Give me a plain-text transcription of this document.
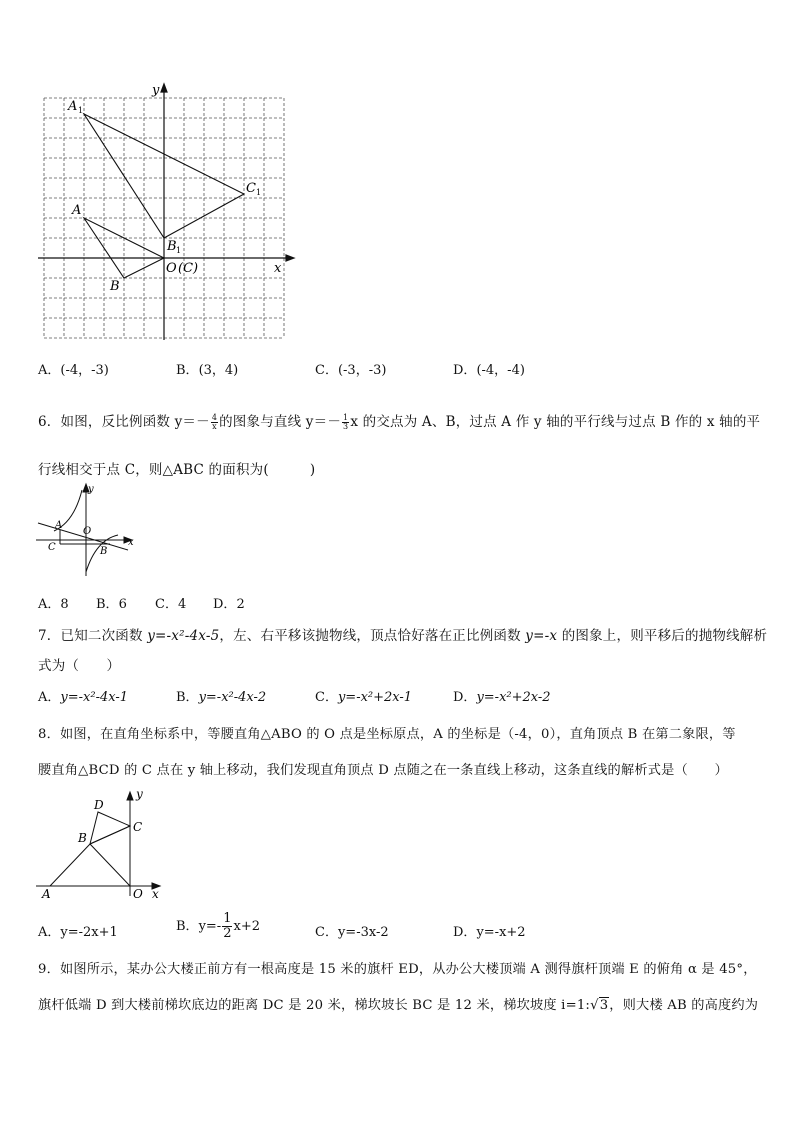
x
y
A 1
C 1
B 1
A
B
O (C)
A．(-4，-3)	B．(3，4)	C．(-3，-3)	D．(-4，-4)
6．如图，反比例函数 $y=- \frac{4}{x}$ 的图象与直线 $y=- \frac{1}{3}$ x 的交点为 A、B，过点 A 作 y 轴的平行线与过点 B 作的 x 轴的平
行线相交于点 C，则△ABC 的面积为(　　　)
x
y
A
O
C	B
A．8 B．6 C．4 D．2
7．已知二次函数 y=-x²-4x-5，左、右平移该抛物线，顶点恰好落在正比例函数 y=-x 的图象上，则平移后的抛物线解析
式为（　　）
A．y=-x²-4x-1	B．y=-x²-4x-2	C．y=-x²+2x-1	D．y=-x²+2x-2
8．如图，在直角坐标系中，等腰直角△ABO 的 O 点是坐标原点，A 的坐标是（-4，0），直角顶点 B 在第二象限，等
腰直角△BCD 的 C 点在 y 轴上移动，我们发现直角顶点 D 点随之在一条直线上移动，这条直线的解析式是（　　）
x
y
D
C
B
A	O
A．y=-2x+1	B．$y=- \frac{1}{2} x+2$	C．y=-3x-2	D．y=-x+2
9．如图所示，某办公大楼正前方有一根高度是 15 米的旗杆 ED，从办公大楼顶端 A 测得旗杆顶端 E 的俯角 α 是 45°，
旗杆低端 D 到大楼前梯坎底边的距离 DC 是 20 米，梯坎坡长 BC 是 12 米，梯坎坡度 i=1:√3，则大楼 AB 的高度约为
